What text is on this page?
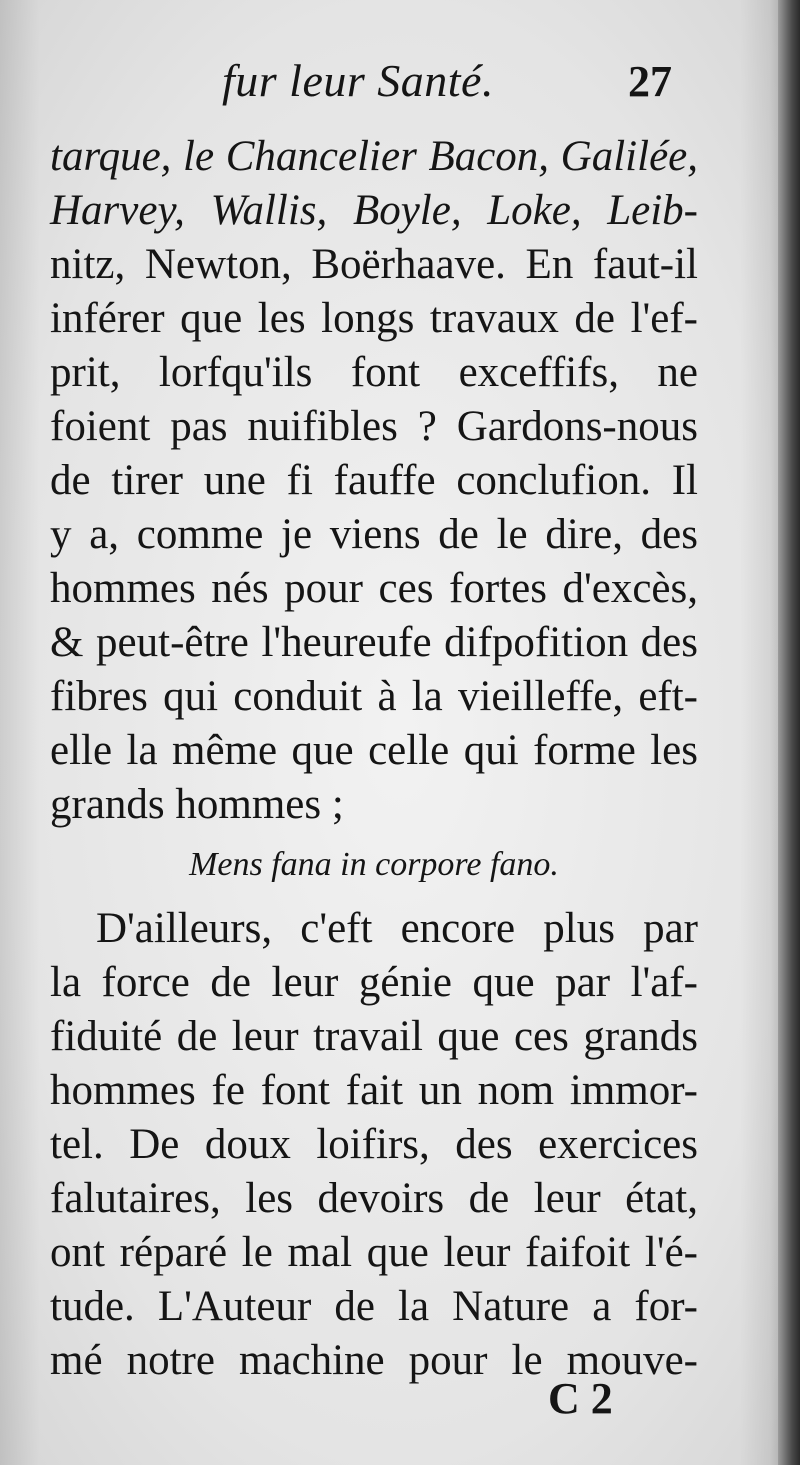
fur leur Santé.	27
tarque, le Chancelier Bacon, Galilée,
Harvey, Wallis, Boyle, Loke, Leib-
nitz, Newton, Boërhaave. En faut-il
inférer que les longs travaux de l'ef-
prit, lorfqu'ils font exceffifs, ne
foient pas nuifibles ? Gardons-nous
de tirer une fi fauffe conclufion. Il
y a, comme je viens de le dire, des
hommes nés pour ces fortes d'excès,
& peut-être l'heureufe difpofition des
fibres qui conduit à la vieilleffe, eft-
elle la même que celle qui forme les
grands hommes ;
Mens fana in corpore fano.
D'ailleurs, c'eft encore plus par
la force de leur génie que par l'af-
fiduité de leur travail que ces grands
hommes fe font fait un nom immor-
tel. De doux loifirs, des exercices
falutaires, les devoirs de leur état,
ont réparé le mal que leur faifoit l'é-
tude. L'Auteur de la Nature a for-
mé notre machine pour le mouve-
C 2
